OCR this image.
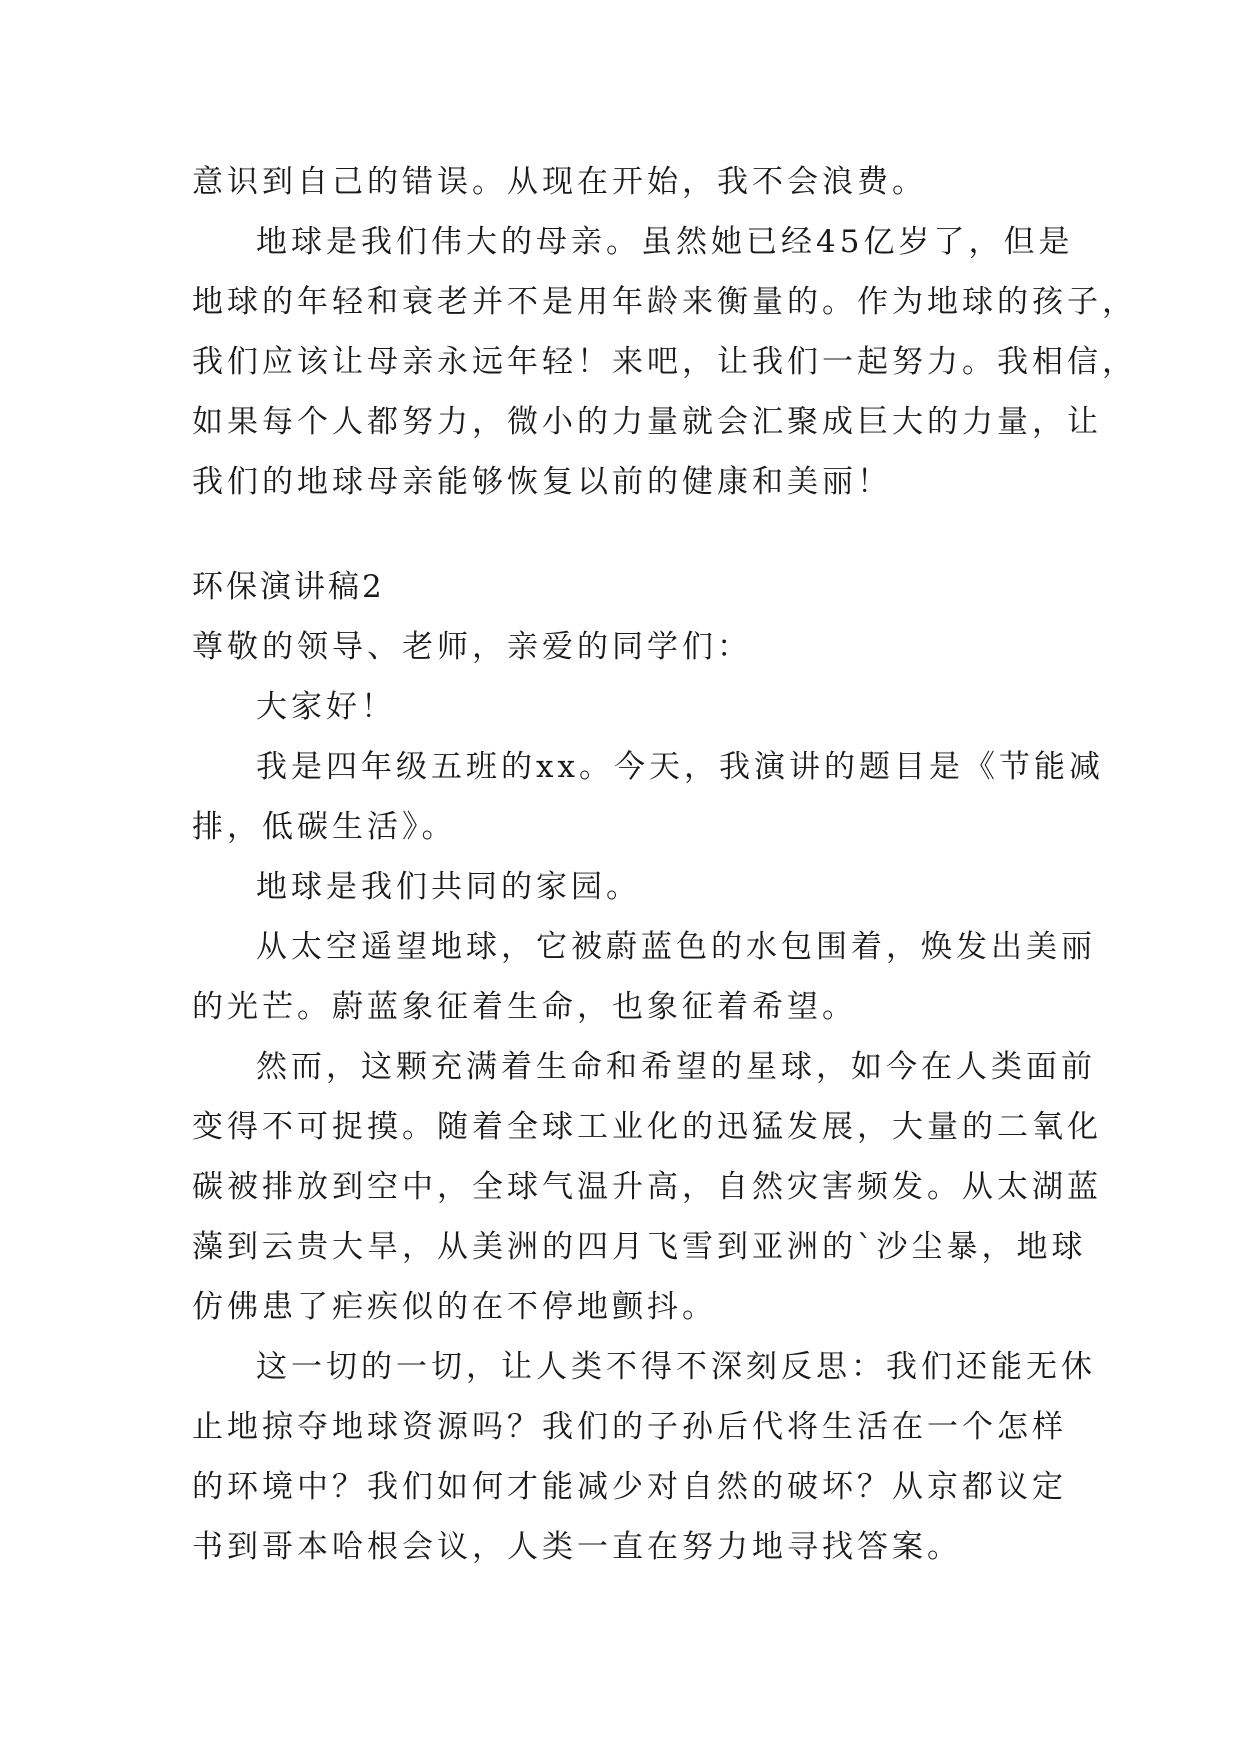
意识到自己的错误。从现在开始，我不会浪费。
地球是我们伟大的母亲。虽然她已经45亿岁了，但是
地球的年轻和衰老并不是用年龄来衡量的。作为地球的孩子，
我们应该让母亲永远年轻！来吧，让我们一起努力。我相信，
如果每个人都努力，微小的力量就会汇聚成巨大的力量，让
我们的地球母亲能够恢复以前的健康和美丽！
环保演讲稿2
尊敬的领导、老师，亲爱的同学们：
大家好！
我是四年级五班的xx。今天，我演讲的题目是《节能减
排，低碳生活》。
地球是我们共同的家园。
从太空遥望地球，它被蔚蓝色的水包围着，焕发出美丽
的光芒。蔚蓝象征着生命，也象征着希望。
然而，这颗充满着生命和希望的星球，如今在人类面前
变得不可捉摸。随着全球工业化的迅猛发展，大量的二氧化
碳被排放到空中，全球气温升高，自然灾害频发。从太湖蓝
藻到云贵大旱，从美洲的四月飞雪到亚洲的`沙尘暴，地球
仿佛患了疟疾似的在不停地颤抖。
这一切的一切，让人类不得不深刻反思：我们还能无休
止地掠夺地球资源吗？我们的子孙后代将生活在一个怎样
的环境中？我们如何才能减少对自然的破坏？从京都议定
书到哥本哈根会议，人类一直在努力地寻找答案。
